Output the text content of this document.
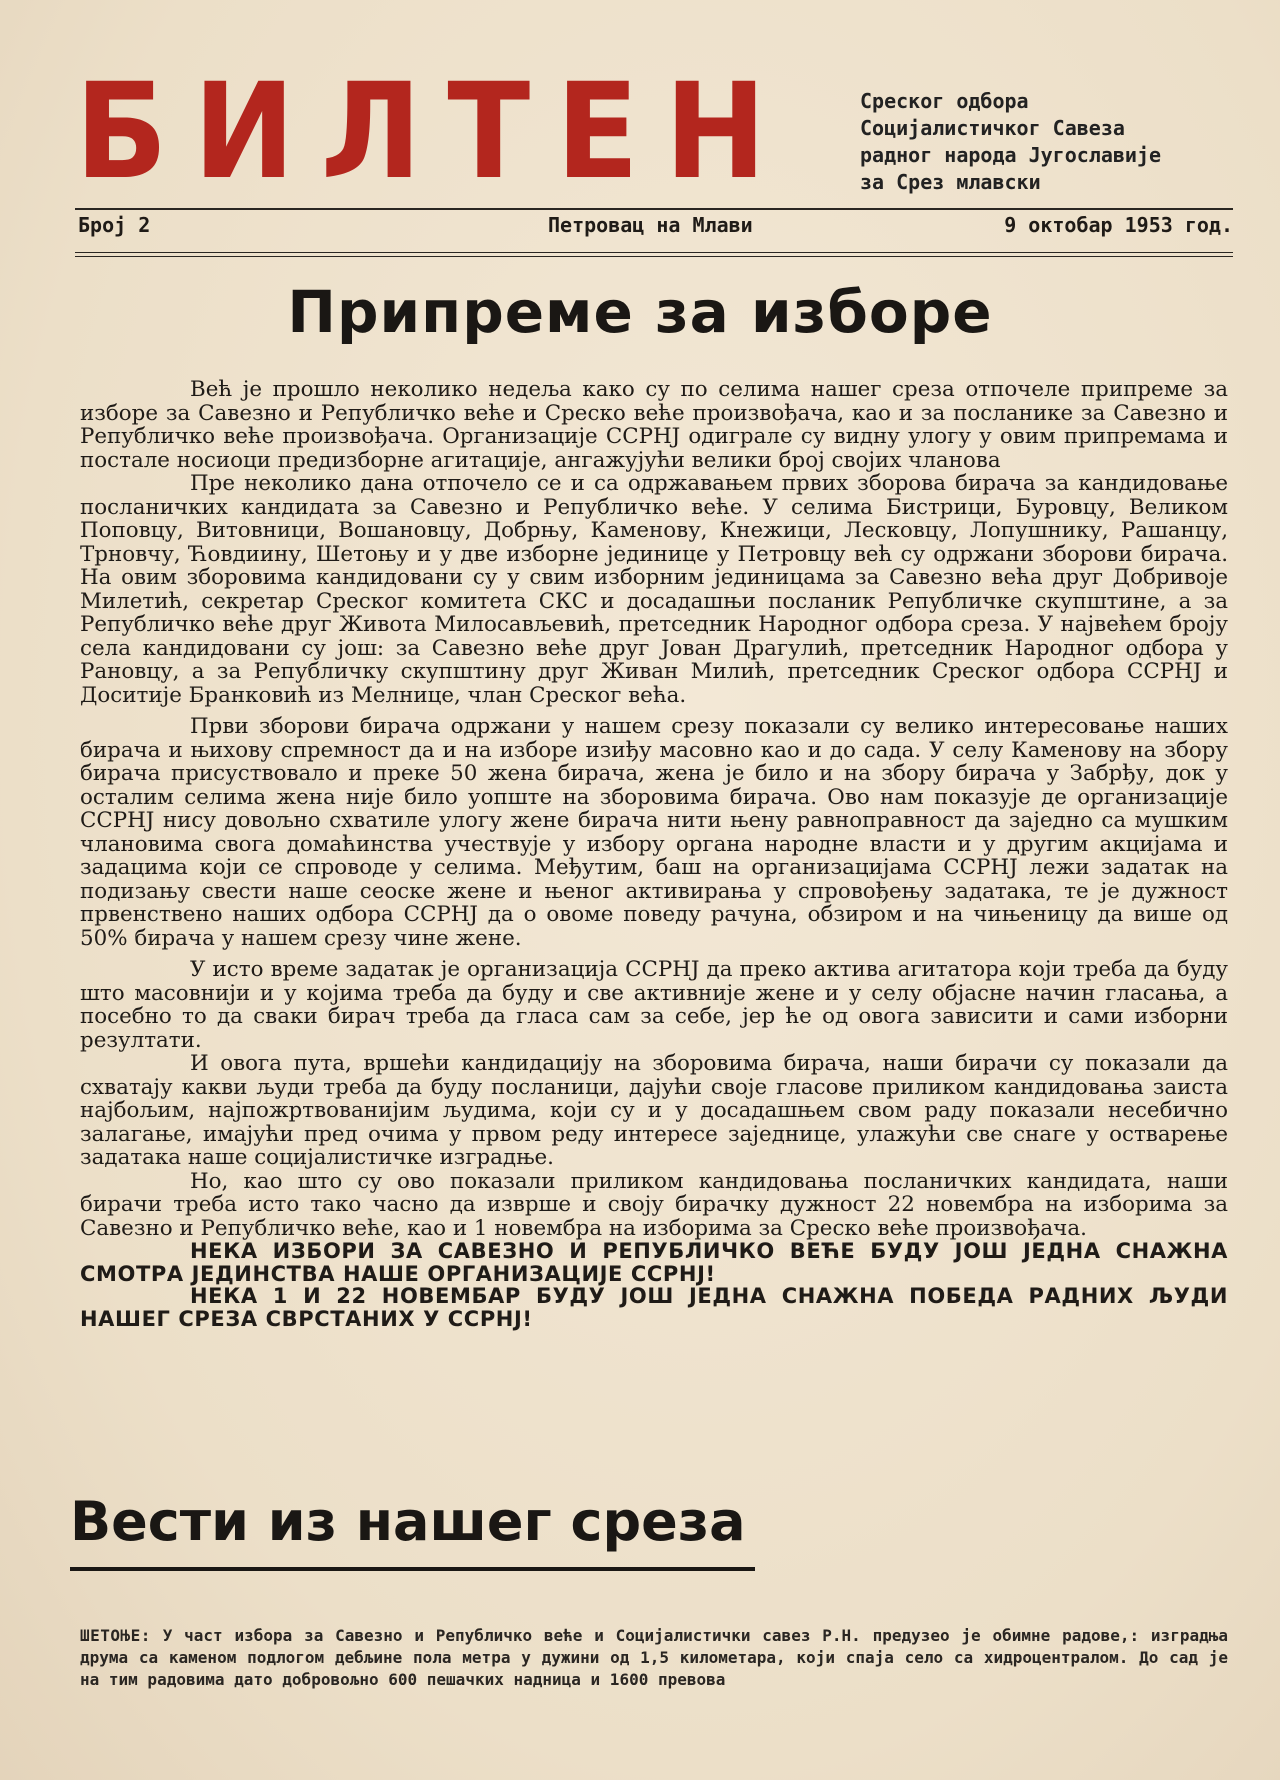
БИЛТЕН	Среског одбора
Социјалистичког Савеза
радног народа Југославије
за Срез млавски
Број 2	Петровац на Млави	9 октобар 1953 год.
Припреме за изборе

Већ је прошло неколико недеља како су по селима нашег среза отпочеле припреме за изборе за Савезно и Републичко веће и Среско веће произвођача, као и за посланике за Савезно и Републичко веће произвођача. Организације ССРНЈ одиграле су видну улогу у овим припремама и постале носиоци предизборне агитације, ангажујући велики број својих чланова

Пре неколико дана отпочело се и са одржавањем првих зборова бирача за кандидовање посланичких кандидата за Савезно и Републичко веће. У селима Бистрици, Буровцу, Великом Поповцу, Витовници, Вошановцу, Добрњу, Каменову, Кнежици, Лесковцу, Лопушнику, Рашанцу, Трновчу, Ћовдиину, Шетоњу и у две изборне јединице у Петровцу већ су одржани зборови бирача. На овим зборовима кандидовани су у свим изборним јединицама за Савезно већа друг Добривоје Милетић, секретар Среског комитета СКС и досадашњи посланик Републичке скупштине, а за Републичко веће друг Живота Милосављевић, претседник Народног одбора среза. У највећем броју села кандидовани су још: за Савезно веће друг Јован Драгулић, претседник Народног одбора у Рановцу, а за Републичку скупштину друг Живан Милић, претседник Среског одбора ССРНЈ и Доситије Бранковић из Мелнице, члан Среског већа.

Први зборови бирача одржани у нашем срезу показали су велико интересовање наших бирача и њихову спремност да и на изборе изиђу масовно као и до сада. У селу Каменову на збору бирача присуствовало и преке 50 жена бирача, жена је било и на збору бирача у Забрђу, док у осталим селима жена није било уопште на зборовима бирача. Ово нам показује де организације ССРНЈ нису довољно схватиле улогу жене бирача нити њену равноправност да заједно са мушким члановима свога домаћинства учествује у избору органа народне власти и у другим акцијама и задацима који се спроводе у селима. Међутим, баш на организацијама ССРНЈ лежи задатак на подизању свести наше сеоске жене и њеног активирања у спровођењу задатака, те је дужност првенствено наших одбора ССРНЈ да о овоме поведу рачуна, обзиром и на чињеницу да више од 50% бирача у нашем срезу чине жене.

У исто време задатак је организација ССРНЈ да преко актива агитатора који треба да буду што масовнији и у којима треба да буду и све активније жене и у селу објасне начин гласања, а посебно то да сваки бирач треба да гласа сам за себе, јер ће од овога зависити и сами изборни резултати.

И овога пута, вршећи кандидацију на зборовима бирача, наши бирачи су показали да схватају какви људи треба да буду посланици, дајући своје гласове приликом кандидовања заиста најбољим, најпожртвованијим људима, који су и у досадашњем свом раду показали несебично залагање, имајући пред очима у првом реду интересе заједнице, улажући све снаге у остварење задатака наше социјалистичке изградње.

Но, као што су ово показали приликом кандидовања посланичких кандидата, наши бирачи треба исто тако часно да изврше и своју бирачку дужност 22 новембра на изборима за Савезно и Републичко веће, као и 1 новембра на изборима за Среско веће произвођача.

НЕКА ИЗБОРИ ЗА САВЕЗНО И РЕПУБЛИЧКО ВЕЋЕ БУДУ ЈОШ ЈЕДНА СНАЖНА СМОТРА ЈЕДИНСТВА НАШЕ ОРГАНИЗАЦИЈЕ ССРНЈ!

НЕКА 1 И 22 НОВЕМБАР БУДУ ЈОШ ЈЕДНА СНАЖНА ПОБЕДА РАДНИХ ЉУДИ НАШЕГ СРЕЗА СВРСТАНИХ У ССРНЈ!

Вести из нашег среза
ШЕТОЊЕ: У част избора за Савезно и Републичко веће и Социјалистички савез Р.Н. предузео је обимне радове,: изградња друма са каменом подлогом дебљине пола метра у дужини од 1,5 километара, који спаја село са хидроцентралом. До сад је на тим радовима дато добровољно 600 пешачких надница и 1600 превова
